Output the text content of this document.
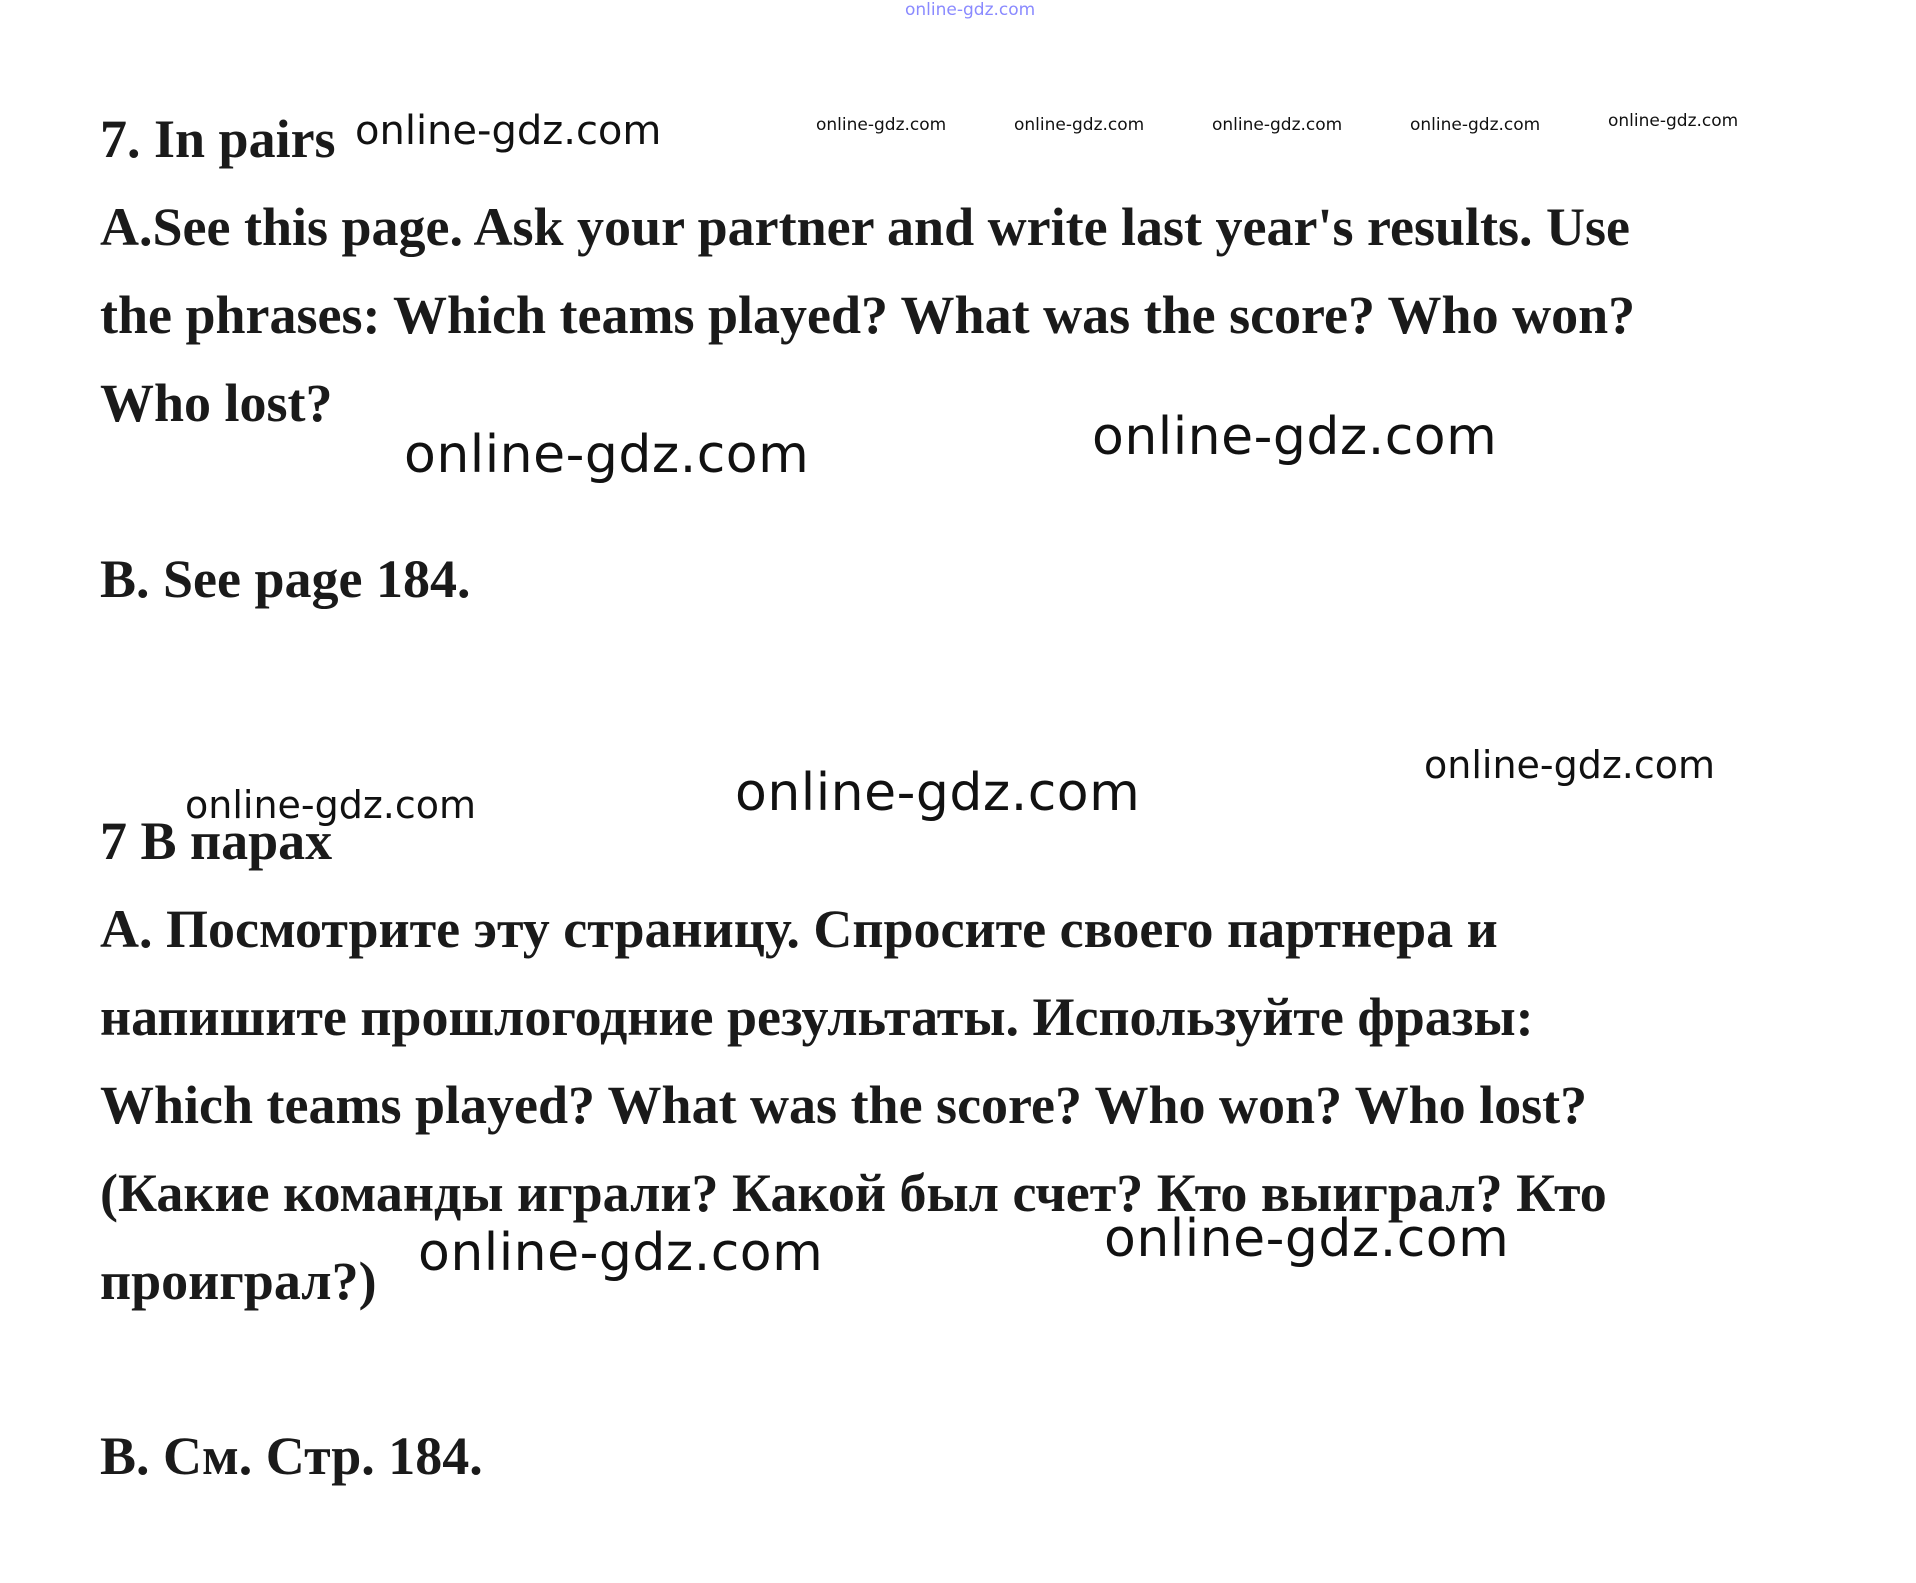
online-gdz.com

7. In pairs

A.See this page. Ask your partner and write last year's results. Use

the phrases: Which teams played? What was the score? Who won?

Who lost?

B. See page 184.

7 В парах

А. Посмотрите эту страницу. Спросите своего партнера и

напишите прошлогодние результаты. Используйте фразы:

Which teams played? What was the score? Who won? Who lost?

(Какие команды играли? Какой был счет? Кто выиграл? Кто

проиграл?)

В. См. Стр. 184.

online-gdz.com	online-gdz.com	online-gdz.com	online-gdz.com	online-gdz.com	online-gdz.com

online-gdz.com	online-gdz.com

online-gdz.com

online-gdz.com

online-gdz.com

online-gdz.com

online-gdz.com
